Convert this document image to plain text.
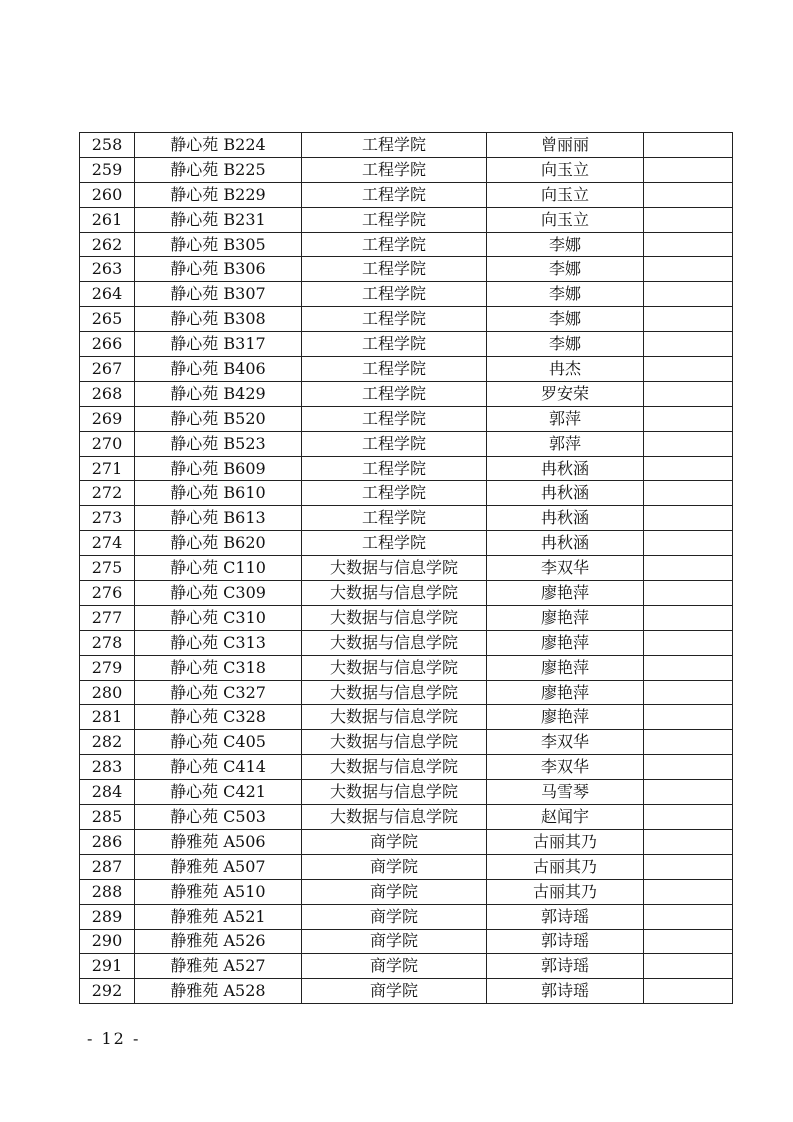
258	静心苑 B224	工程学院	曾丽丽	
259	静心苑 B225	工程学院	向玉立	
260	静心苑 B229	工程学院	向玉立	
261	静心苑 B231	工程学院	向玉立	
262	静心苑 B305	工程学院	李娜	
263	静心苑 B306	工程学院	李娜	
264	静心苑 B307	工程学院	李娜	
265	静心苑 B308	工程学院	李娜	
266	静心苑 B317	工程学院	李娜	
267	静心苑 B406	工程学院	冉杰	
268	静心苑 B429	工程学院	罗安荣	
269	静心苑 B520	工程学院	郭萍	
270	静心苑 B523	工程学院	郭萍	
271	静心苑 B609	工程学院	冉秋涵	
272	静心苑 B610	工程学院	冉秋涵	
273	静心苑 B613	工程学院	冉秋涵	
274	静心苑 B620	工程学院	冉秋涵	
275	静心苑 C110	大数据与信息学院	李双华	
276	静心苑 C309	大数据与信息学院	廖艳萍	
277	静心苑 C310	大数据与信息学院	廖艳萍	
278	静心苑 C313	大数据与信息学院	廖艳萍	
279	静心苑 C318	大数据与信息学院	廖艳萍	
280	静心苑 C327	大数据与信息学院	廖艳萍	
281	静心苑 C328	大数据与信息学院	廖艳萍	
282	静心苑 C405	大数据与信息学院	李双华	
283	静心苑 C414	大数据与信息学院	李双华	
284	静心苑 C421	大数据与信息学院	马雪琴	
285	静心苑 C503	大数据与信息学院	赵闻宇	
286	静雅苑 A506	商学院	古丽其乃	
287	静雅苑 A507	商学院	古丽其乃	
288	静雅苑 A510	商学院	古丽其乃	
289	静雅苑 A521	商学院	郭诗瑶	
290	静雅苑 A526	商学院	郭诗瑶	
291	静雅苑 A527	商学院	郭诗瑶	
292	静雅苑 A528	商学院	郭诗瑶	
- 12 -
